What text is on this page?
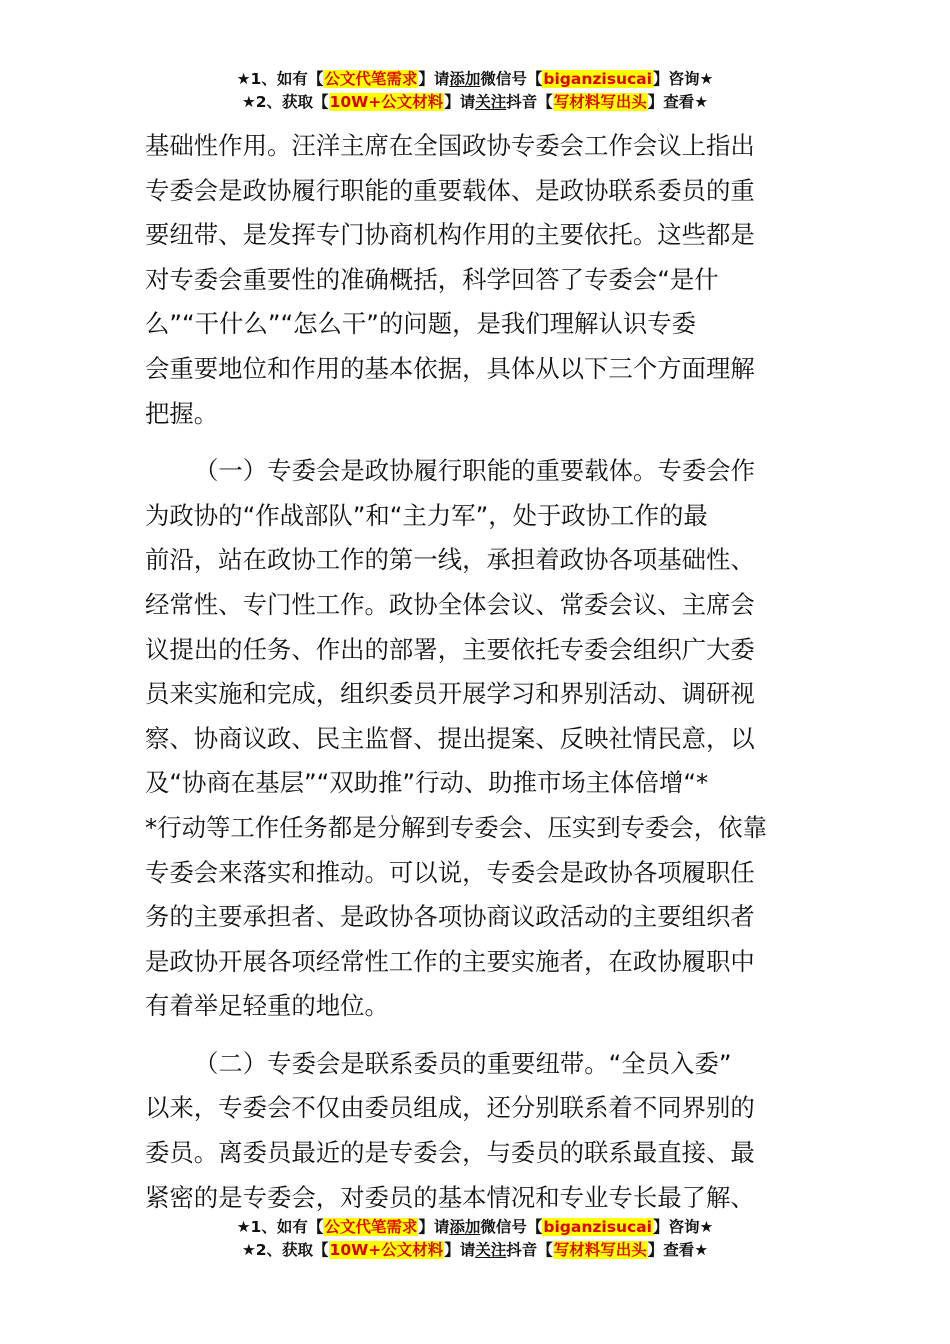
★1、如有【公文代笔需求】请添加微信号【biganzisucai】咨询★
★2、获取【10W+公文材料】请关注抖音【写材料写出头】查看★
基础性作用。汪洋主席在全国政协专委会工作会议上指出
专委会是政协履行职能的重要载体、是政协联系委员的重
要纽带、是发挥专门协商机构作用的主要依托。这些都是
对专委会重要性的准确概括，科学回答了专委会“是什
么”“干什么”“怎么干”的问题，是我们理解认识专委
会重要地位和作用的基本依据，具体从以下三个方面理解
把握。
（一）专委会是政协履行职能的重要载体。专委会作
为政协的“作战部队”和“主力军”，处于政协工作的最
前沿，站在政协工作的第一线，承担着政协各项基础性、
经常性、专门性工作。政协全体会议、常委会议、主席会
议提出的任务、作出的部署，主要依托专委会组织广大委
员来实施和完成，组织委员开展学习和界别活动、调研视
察、协商议政、民主监督、提出提案、反映社情民意，以
及“协商在基层”“双助推”行动、助推市场主体倍增“*
*行动等工作任务都是分解到专委会、压实到专委会，依靠
专委会来落实和推动。可以说，专委会是政协各项履职任
务的主要承担者、是政协各项协商议政活动的主要组织者
是政协开展各项经常性工作的主要实施者，在政协履职中
有着举足轻重的地位。
（二）专委会是联系委员的重要纽带。“全员入委”
以来，专委会不仅由委员组成，还分别联系着不同界别的
委员。离委员最近的是专委会，与委员的联系最直接、最
紧密的是专委会，对委员的基本情况和专业专长最了解、
★1、如有【公文代笔需求】请添加微信号【biganzisucai】咨询★
★2、获取【10W+公文材料】请关注抖音【写材料写出头】查看★
